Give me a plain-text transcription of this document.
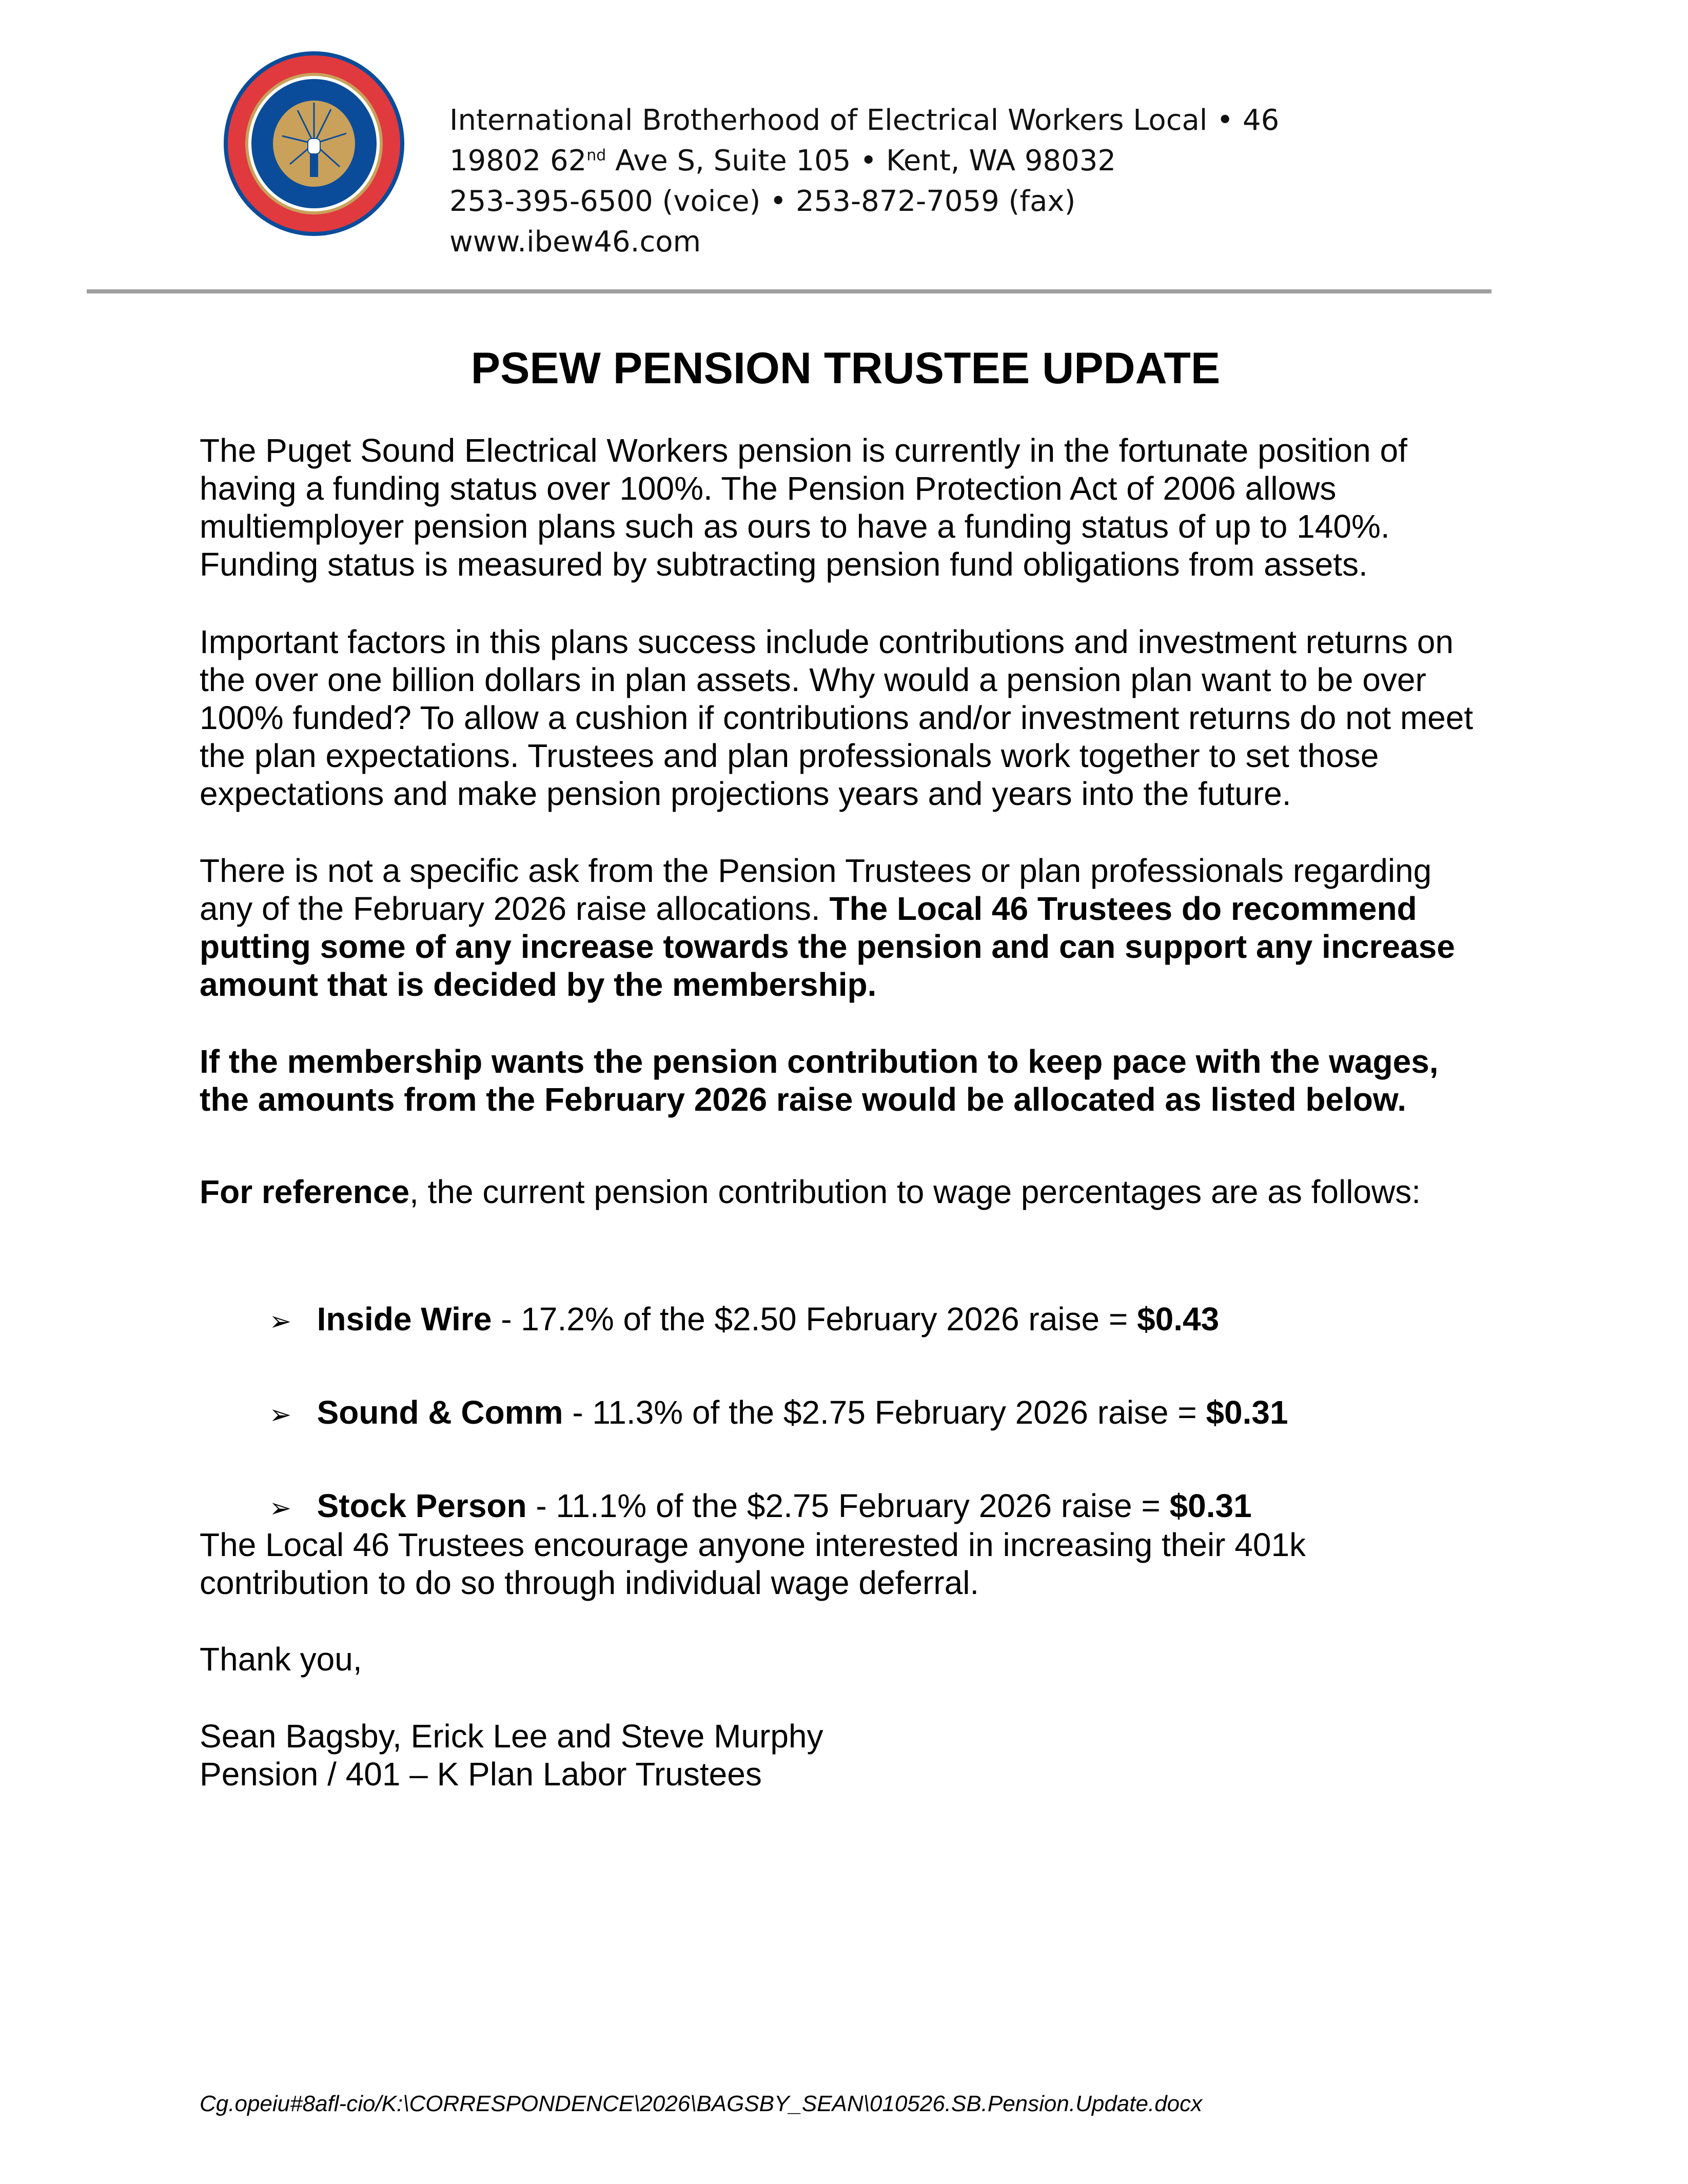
International Brotherhood of Electrical Workers Local • 46
19802 62nd Ave S, Suite 105 • Kent, WA 98032
253-395-6500 (voice) • 253-872-7059 (fax)
www.ibew46.com
PSEW PENSION TRUSTEE UPDATE
The Puget Sound Electrical Workers pension is currently in the fortunate position of
having a funding status over 100%. The Pension Protection Act of 2006 allows
multiemployer pension plans such as ours to have a funding status of up to 140%.
Funding status is measured by subtracting pension fund obligations from assets.
Important factors in this plans success include contributions and investment returns on
the over one billion dollars in plan assets. Why would a pension plan want to be over
100% funded? To allow a cushion if contributions and/or investment returns do not meet
the plan expectations. Trustees and plan professionals work together to set those
expectations and make pension projections years and years into the future.
There is not a specific ask from the Pension Trustees or plan professionals regarding
any of the February 2026 raise allocations. The Local 46 Trustees do recommend
putting some of any increase towards the pension and can support any increase
amount that is decided by the membership.
If the membership wants the pension contribution to keep pace with the wages,
the amounts from the February 2026 raise would be allocated as listed below.
For reference, the current pension contribution to wage percentages are as follows:

➢ Inside Wire - 17.2% of the $2.50 February 2026 raise = $0.43

➢ Sound & Comm - 11.3% of the $2.75 February 2026 raise = $0.31

➢ Stock Person - 11.1% of the $2.75 February 2026 raise = $0.31

The Local 46 Trustees encourage anyone interested in increasing their 401k
contribution to do so through individual wage deferral.
Thank you,
Sean Bagsby, Erick Lee and Steve Murphy
Pension / 401 – K Plan Labor Trustees
Cg.opeiu#8afl-cio/K:\CORRESPONDENCE\2026\BAGSBY_SEAN\010526.SB.Pension.Update.docx
